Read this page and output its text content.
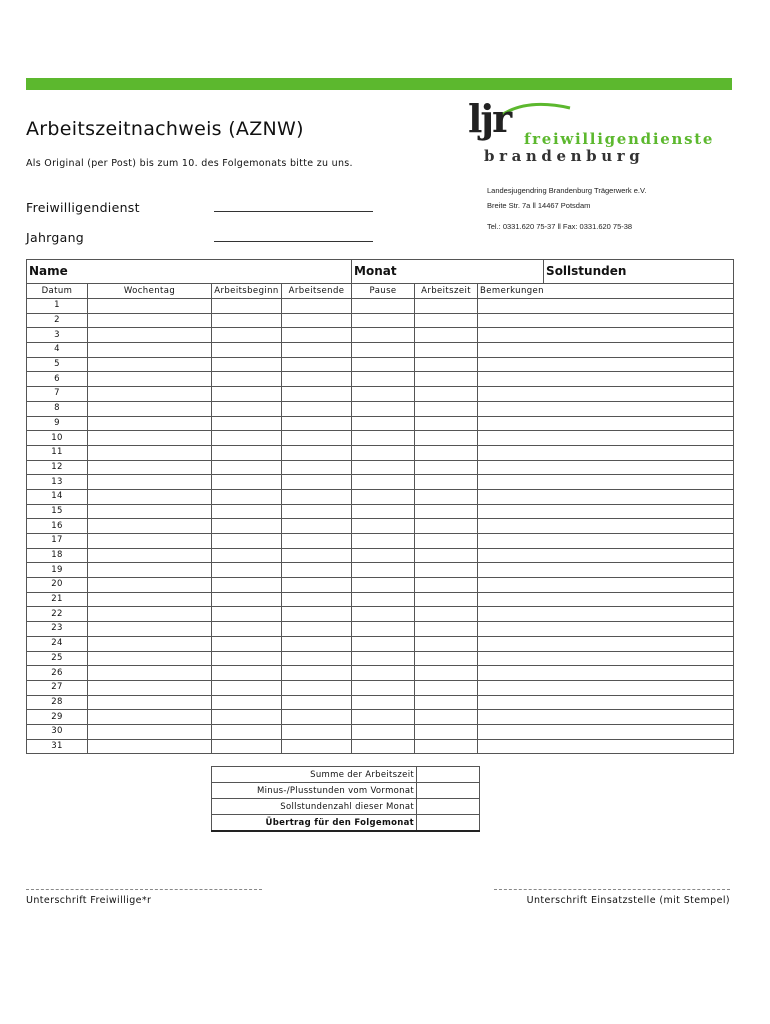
Arbeitszeitnachweis (AZNW)
Als Original (per Post) bis zum 10. des Folgemonats bitte zu uns.
ljr freiwilligendienste
brandenburg
Landesjugendring Brandenburg Trägerwerk e.V.
Breite Str. 7a ll 14467 Potsdam
Tel.: 0331.620 75-37 ll Fax: 0331.620 75-38
Freiwilligendienst
Jahrgang
Name				Monat			Sollstunden
Datum	Wochentag	Arbeitsbeginn	Arbeitsende	Pause	Arbeitszeit	Bemerkungen	
1							
2							
3							
4							
5							
6							
7							
8							
9							
10							
11							
12							
13							
14							
15							
16							
17							
18							
19							
20							
21							
22							
23							
24							
25							
26							
27							
28							
29							
30							
31							
Summe der Arbeitszeit	
Minus-/Plusstunden vom Vormonat	
Sollstundenzahl dieser Monat	
Übertrag für den Folgemonat	
Unterschrift Freiwillige*r	Unterschrift Einsatzstelle (mit Stempel)
